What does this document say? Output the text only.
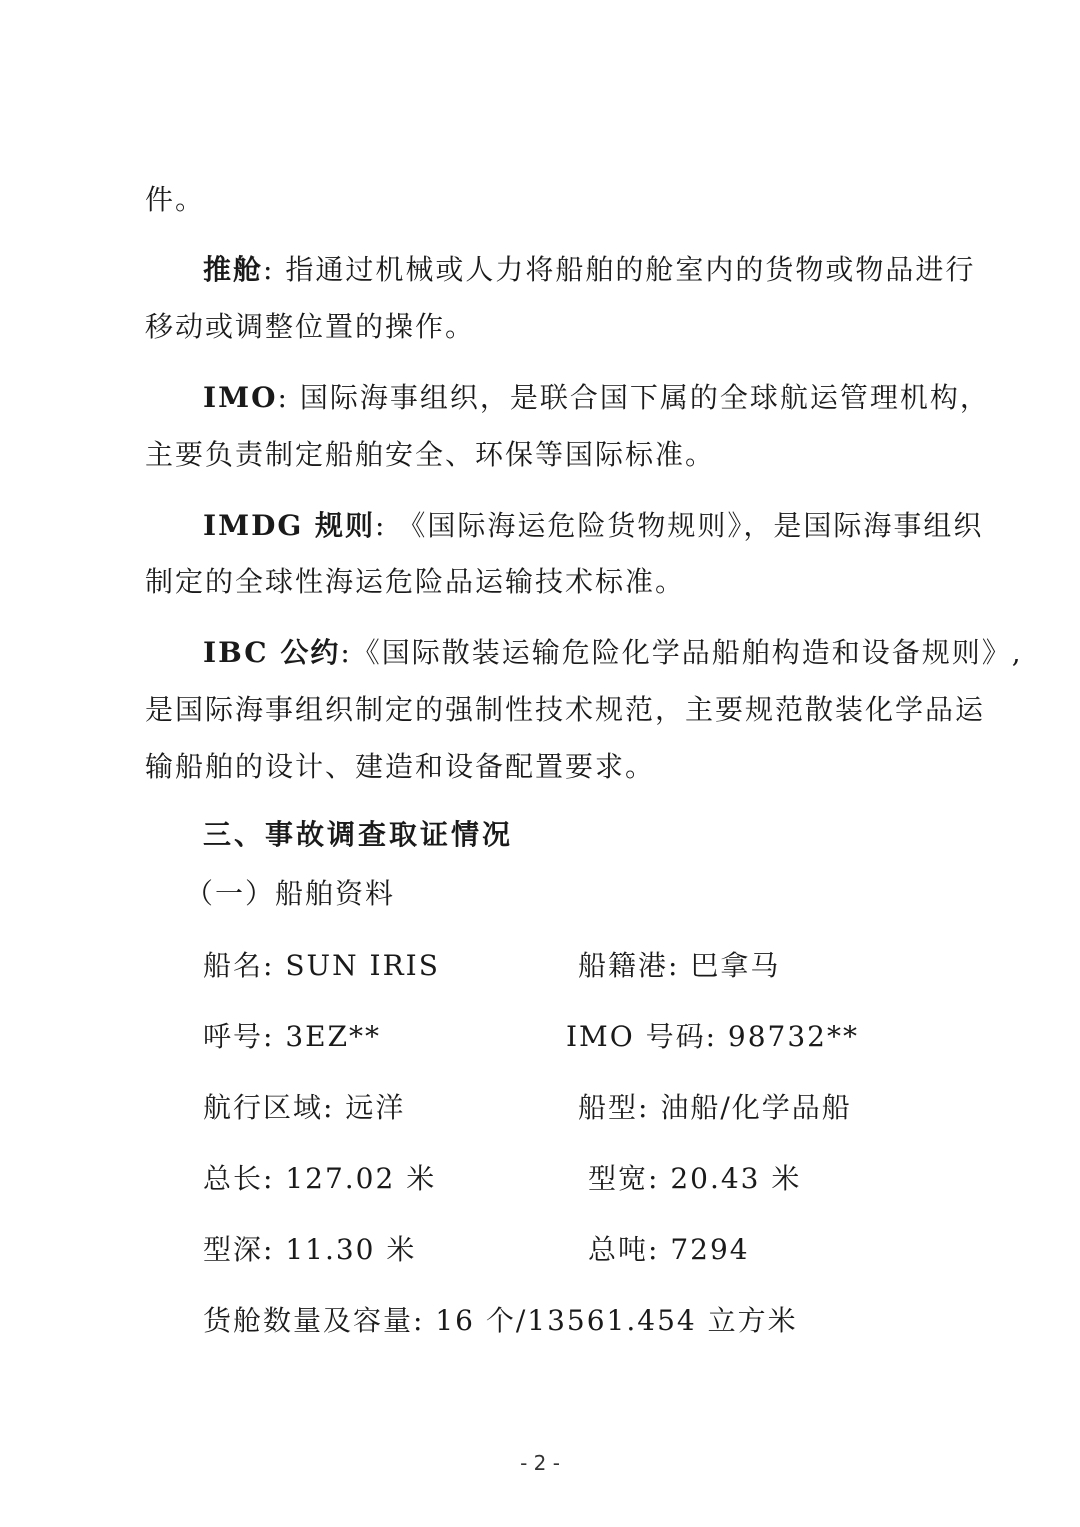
件。
推舱: 指通过机械或人力将船舶的舱室内的货物或物品进行
移动或调整位置的操作。
IMO: 国际海事组织，是联合国下属的全球航运管理机构，
主要负责制定船舶安全、环保等国际标准。
IMDG 规则: 《国际海运危险货物规则》，是国际海事组织
制定的全球性海运危险品运输技术标准。
IBC 公约:《国际散装运输危险化学品船舶构造和设备规则》,
是国际海事组织制定的强制性技术规范，主要规范散装化学品运
输船舶的设计、建造和设备配置要求。
三、事故调查取证情况
（一）船舶资料
船名: SUN IRIS	船籍港: 巴拿马
呼号: 3EZ**	IMO 号码: 98732**
航行区域: 远洋	船型: 油船/化学品船
总长: 127.02 米	型宽: 20.43 米
型深: 11.30 米	总吨: 7294
货舱数量及容量: 16 个/13561.454 立方米
- 2 -
